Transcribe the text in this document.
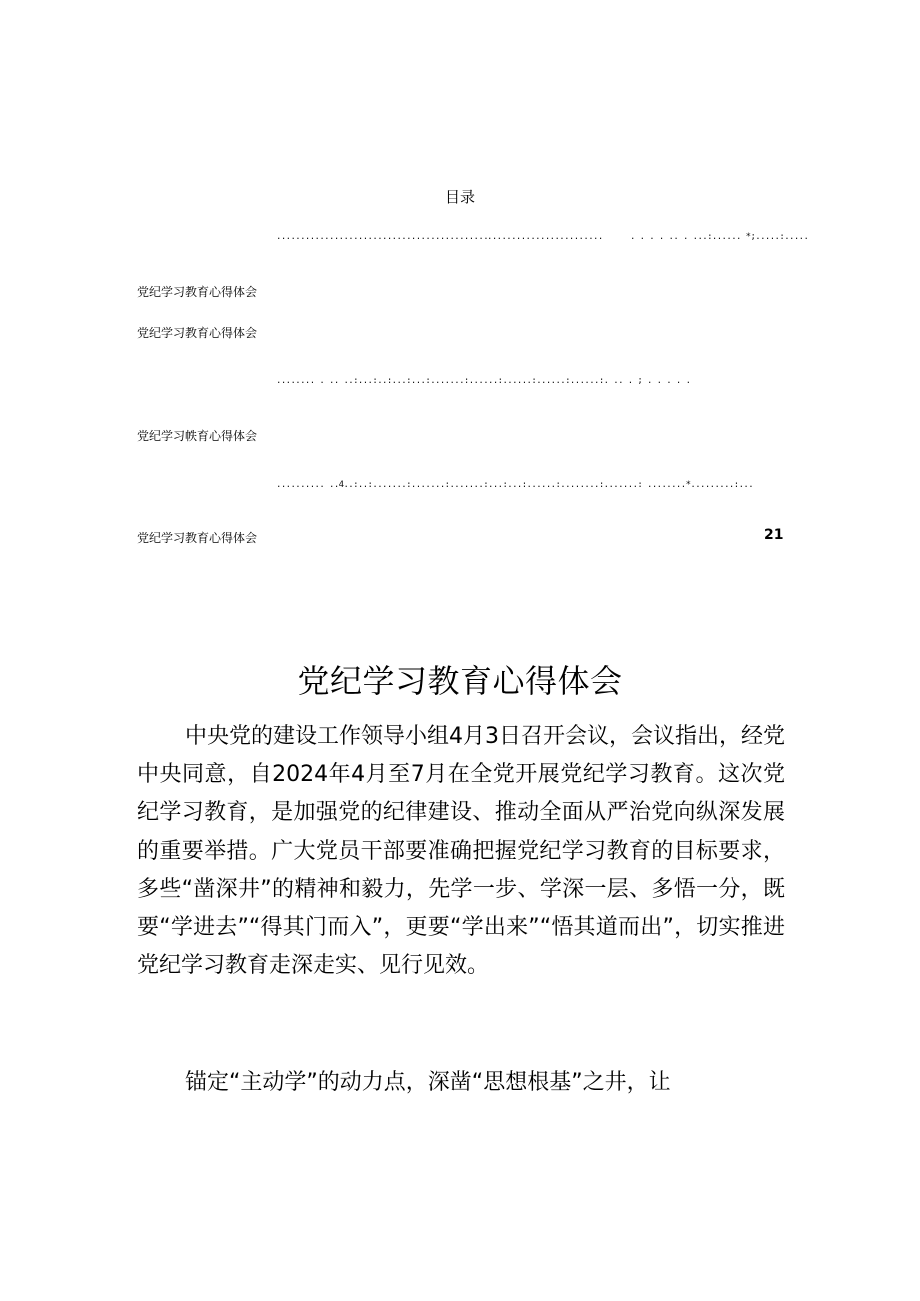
目录
............................................
........................	. . . . .. . ...:...... *;.....:.....
党纪学习教育心得体会
党纪学习教育心得体会
........ . .. ..:...:..:...:...:.......:......:......:......:......:. .. . ; . . . . .
党纪学习帙育心得体会
.......... ..4..:..:.......:.......:.......:...:...:......:........:.......: ........*.........:...
党纪学习教育心得体会	21
党纪学习教育心得体会

中央党的建设工作领导小组4月3日召开会议，会议指出，经党中央同意，自2024年4月至7月在全党开展党纪学习教育。这次党纪学习教育，是加强党的纪律建设、推动全面从严治党向纵深发展的重要举措。广大党员干部要准确把握党纪学习教育的目标要求，多些“凿深井”的精神和毅力，先学一步、学深一层、多悟一分，既要“学进去”“得其门而入”，更要“学出来”“悟其道而出”，切实推进党纪学习教育走深走实、见行见效。

锚定“主动学”的动力点，深凿“思想根基”之井，让
